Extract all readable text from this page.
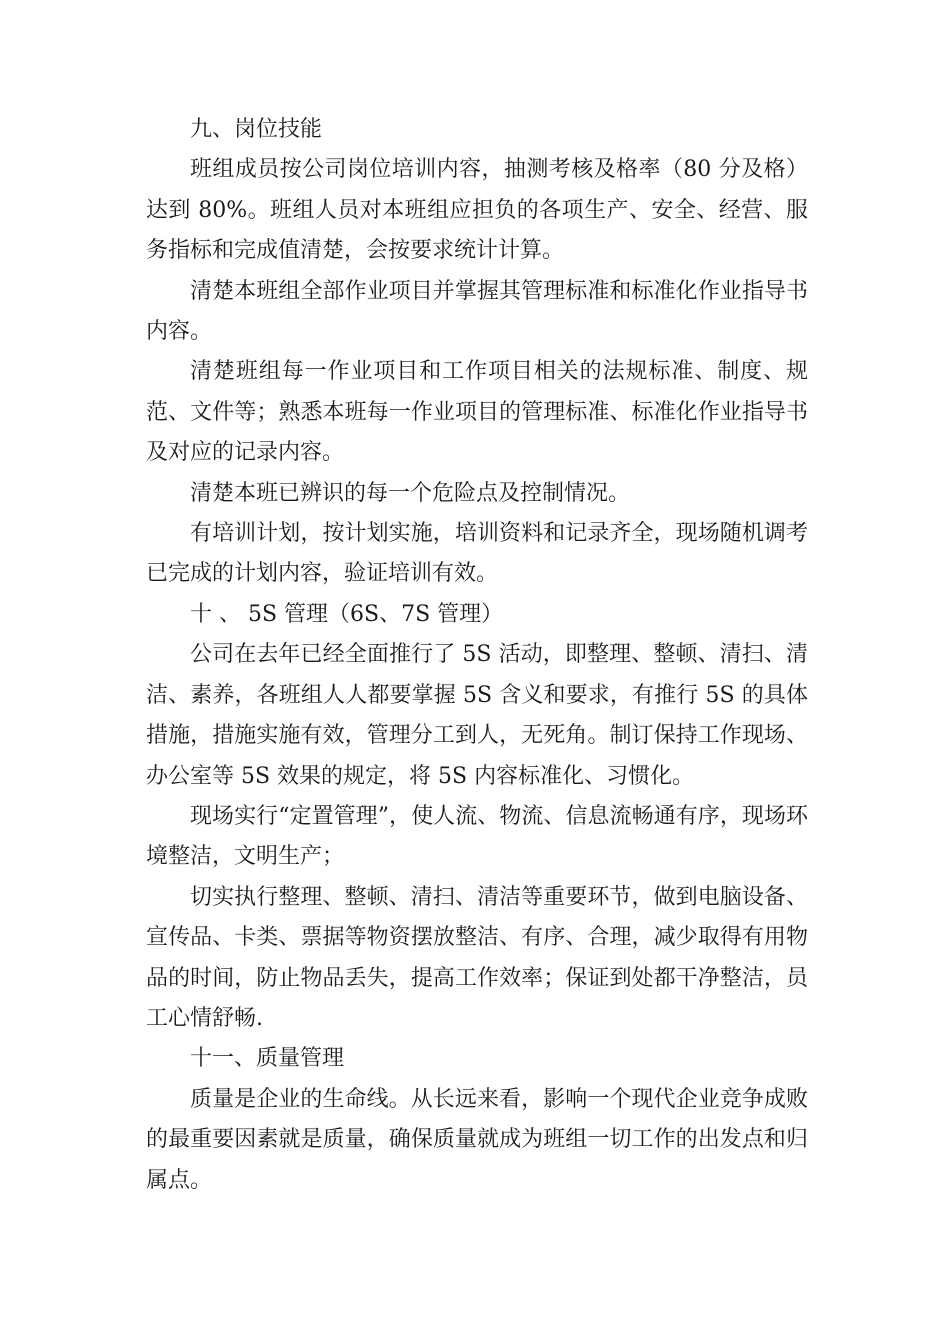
九、岗位技能

班组成员按公司岗位培训内容，抽测考核及格率（80 分及格）达到 80%。班组人员对本班组应担负的各项生产、安全、经营、服务指标和完成值清楚，会按要求统计计算。

清楚本班组全部作业项目并掌握其管理标准和标准化作业指导书内容。

清楚班组每一作业项目和工作项目相关的法规标准、制度、规范、文件等；熟悉本班每一作业项目的管理标准、标准化作业指导书及对应的记录内容。

清楚本班已辨识的每一个危险点及控制情况。

有培训计划，按计划实施，培训资料和记录齐全，现场随机调考已完成的计划内容，验证培训有效。

十 、 5S 管理（6S、7S 管理）

公司在去年已经全面推行了 5S 活动，即整理、整顿、清扫、清洁、素养，各班组人人都要掌握 5S 含义和要求，有推行 5S 的具体措施，措施实施有效，管理分工到人，无死角。制订保持工作现场、办公室等 5S 效果的规定，将 5S 内容标准化、习惯化。

现场实行“定置管理”，使人流、物流、信息流畅通有序，现场环境整洁，文明生产；

切实执行整理、整顿、清扫、清洁等重要环节，做到电脑设备、宣传品、卡类、票据等物资摆放整洁、有序、合理，减少取得有用物品的时间，防止物品丢失，提高工作效率；保证到处都干净整洁，员工心情舒畅.

十一、质量管理

质量是企业的生命线。从长远来看，影响一个现代企业竞争成败的最重要因素就是质量，确保质量就成为班组一切工作的出发点和归属点。
